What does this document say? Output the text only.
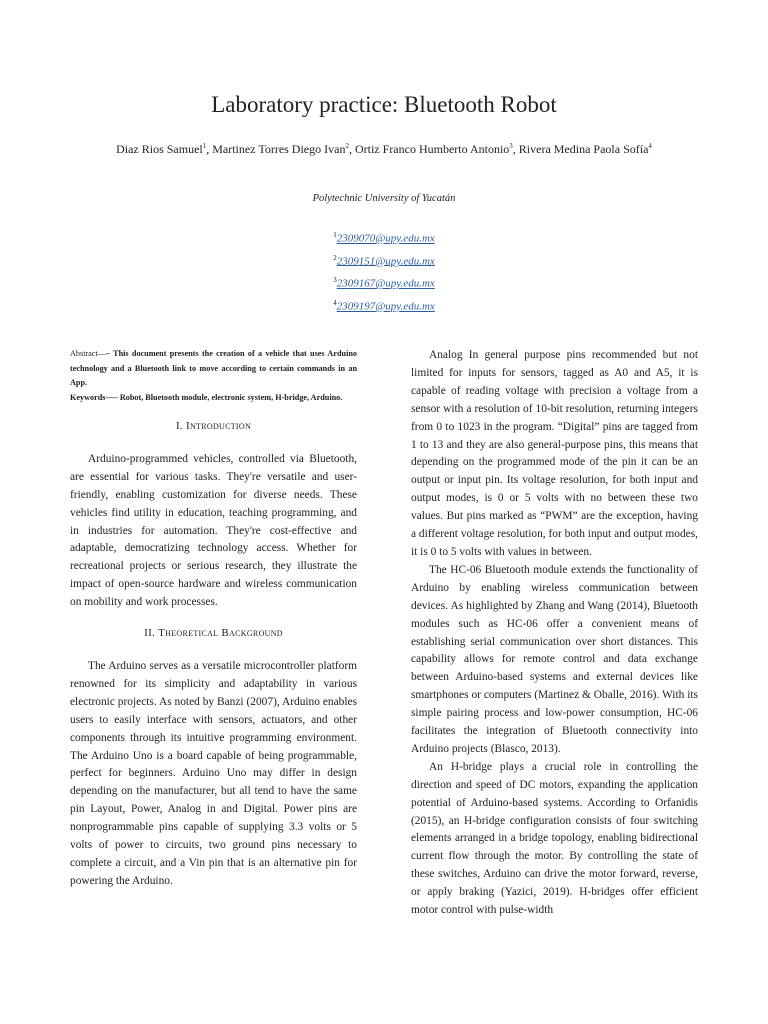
Laboratory practice: Bluetooth Robot
Diaz Rios Samuel$^1$, Martinez Torres Diego Ivan$^2$, Ortiz Franco Humberto Antonio$^3$, Rivera Medina Paola Sofía$^4$
Polytechnic University of Yucatán
$^1$2309070@upy.edu.mx
$^2$2309151@upy.edu.mx
$^3$2309167@upy.edu.mx
$^4$2309197@upy.edu.mx

Abstract—– This document presents the creation of a vehicle that uses Arduino technology and a Bluetooth link to move according to certain commands in an App.

Keywords—– Robot, Bluetooth module, electronic system, H-bridge, Arduino.

I. Introduction

Arduino-programmed vehicles, controlled via Bluetooth, are essential for various tasks. They're versatile and user-friendly, enabling customization for diverse needs. These vehicles find utility in education, teaching programming, and in industries for automation. They're cost-effective and adaptable, democratizing technology access. Whether for recreational projects or serious research, they illustrate the impact of open-source hardware and wireless communication on mobility and work processes.

II. Theoretical Background

The Arduino serves as a versatile microcontroller platform renowned for its simplicity and adaptability in various electronic projects. As noted by Banzi (2007), Arduino enables users to easily interface with sensors, actuators, and other components through its intuitive programming environment. The Arduino Uno is a board capable of being programmable, perfect for beginners. Arduino Uno may differ in design depending on the manufacturer, but all tend to have the same pin Layout, Power, Analog in and Digital. Power pins are nonprogrammable pins capable of supplying 3.3 volts or 5 volts of power to circuits, two ground pins necessary to complete a circuit, and a Vin pin that is an alternative pin for powering the Arduino.

Analog In general purpose pins recommended but not limited for inputs for sensors, tagged as A0 and A5, it is capable of reading voltage with precision a voltage from a sensor with a resolution of 10-bit resolution, returning integers from 0 to 1023 in the program. “Digital” pins are tagged from 1 to 13 and they are also general-purpose pins, this means that depending on the programmed mode of the pin it can be an output or input pin. Its voltage resolution, for both input and output modes, is 0 or 5 volts with no between these two values. But pins marked as “PWM” are the exception, having a different voltage resolution, for both input and output modes, it is 0 to 5 volts with values in between.

The HC-06 Bluetooth module extends the functionality of Arduino by enabling wireless communication between devices. As highlighted by Zhang and Wang (2014), Bluetooth modules such as HC-06 offer a convenient means of establishing serial communication over short distances. This capability allows for remote control and data exchange between Arduino-based systems and external devices like smartphones or computers (Martinez & Oballe, 2016). With its simple pairing process and low-power consumption, HC-06 facilitates the integration of Bluetooth connectivity into Arduino projects (Blasco, 2013).

An H-bridge plays a crucial role in controlling the direction and speed of DC motors, expanding the application potential of Arduino-based systems. According to Orfanidis (2015), an H-bridge configuration consists of four switching elements arranged in a bridge topology, enabling bidirectional current flow through the motor. By controlling the state of these switches, Arduino can drive the motor forward, reverse, or apply braking (Yazici, 2019). H-bridges offer efficient motor control with pulse-width
